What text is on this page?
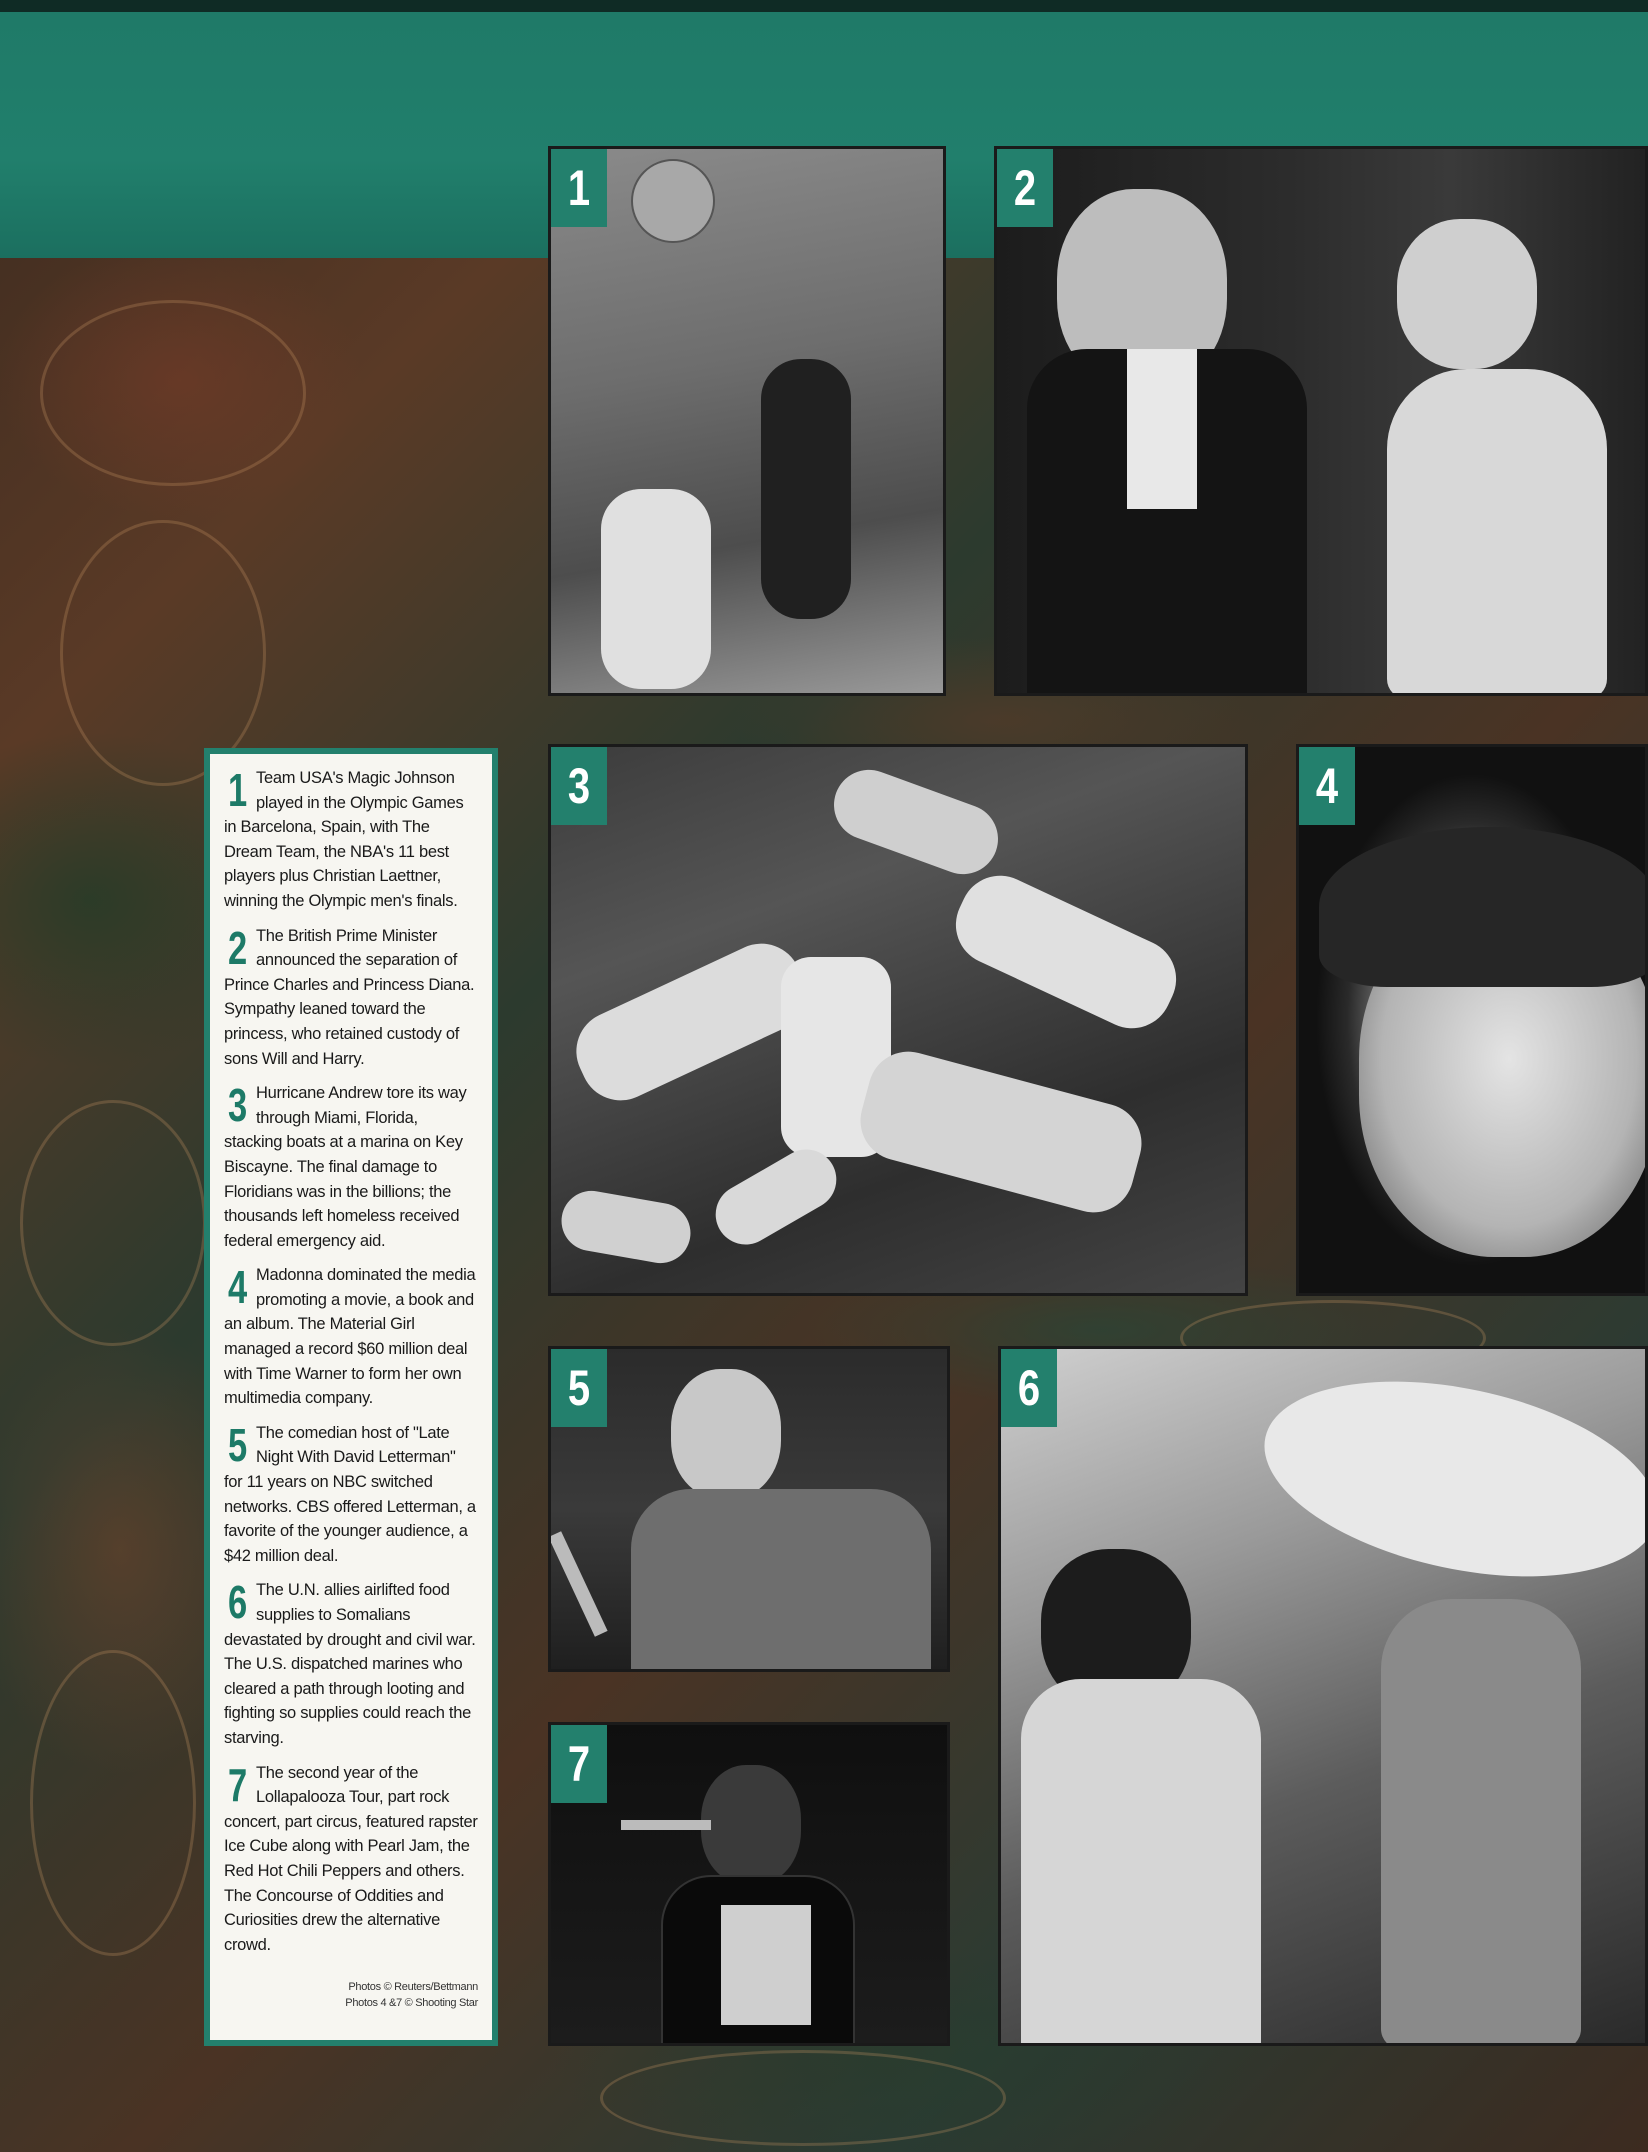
1	2
3	4
5	6
7
1 Team USA's Magic Johnson played in the Olympic Games in Barcelona, Spain, with The Dream Team, the NBA's 11 best players plus Christian Laettner, winning the Olympic men's finals.
2 The British Prime Minister announced the separation of Prince Charles and Princess Diana. Sympathy leaned toward the princess, who retained custody of sons Will and Harry.
3 Hurricane Andrew tore its way through Miami, Florida, stacking boats at a marina on Key Biscayne. The final damage to Floridians was in the billions; the thousands left homeless received federal emergency aid.
4 Madonna dominated the media promoting a movie, a book and an album. The Material Girl managed a record $60 million deal with Time Warner to form her own multimedia company.
5 The comedian host of "Late Night With David Letterman" for 11 years on NBC switched networks. CBS offered Letterman, a favorite of the younger audience, a $42 million deal.
6 The U.N. allies airlifted food supplies to Somalians devastated by drought and civil war. The U.S. dispatched marines who cleared a path through looting and fighting so supplies could reach the starving.
7 The second year of the Lollapalooza Tour, part rock concert, part circus, featured rapster Ice Cube along with Pearl Jam, the Red Hot Chili Peppers and others. The Concourse of Oddities and Curiosities drew the alternative crowd.
Photos © Reuters/Bettmann
Photos 4 &7 © Shooting Star
